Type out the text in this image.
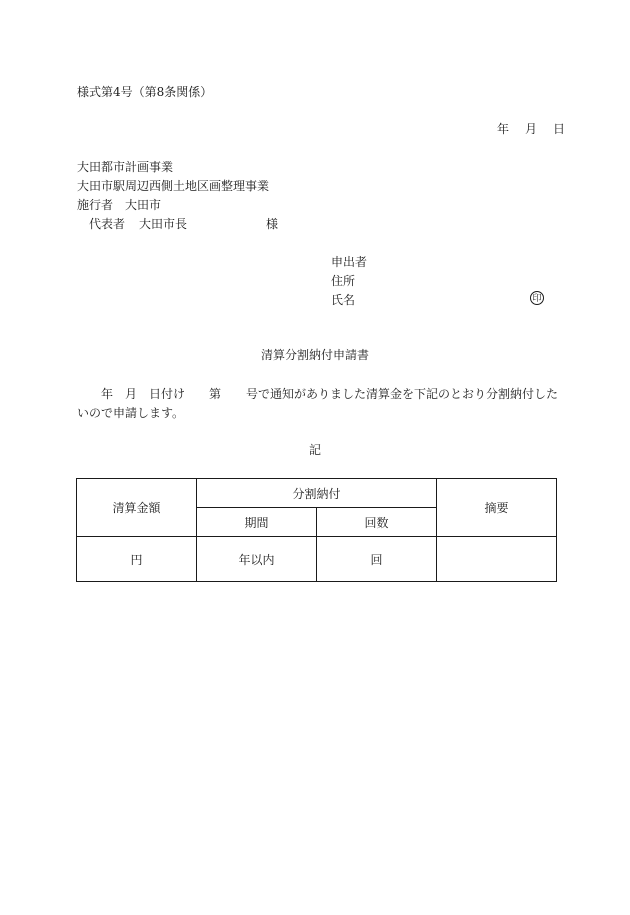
様式第4号（第8条関係）
年 月 日
大田都市計画事業
大田市駅周辺西側土地区画整理事業
施行者　大田市
代表者 大田市長	様
申出者
住所
氏名	印
清算分割納付申請書
年 月 日付け 第 号で通知がありました清算金を下記のとおり分割納付した
いので申請します。
記
清算金額	分割納付		摘要
	期間	回数	
円	年以内	回	
